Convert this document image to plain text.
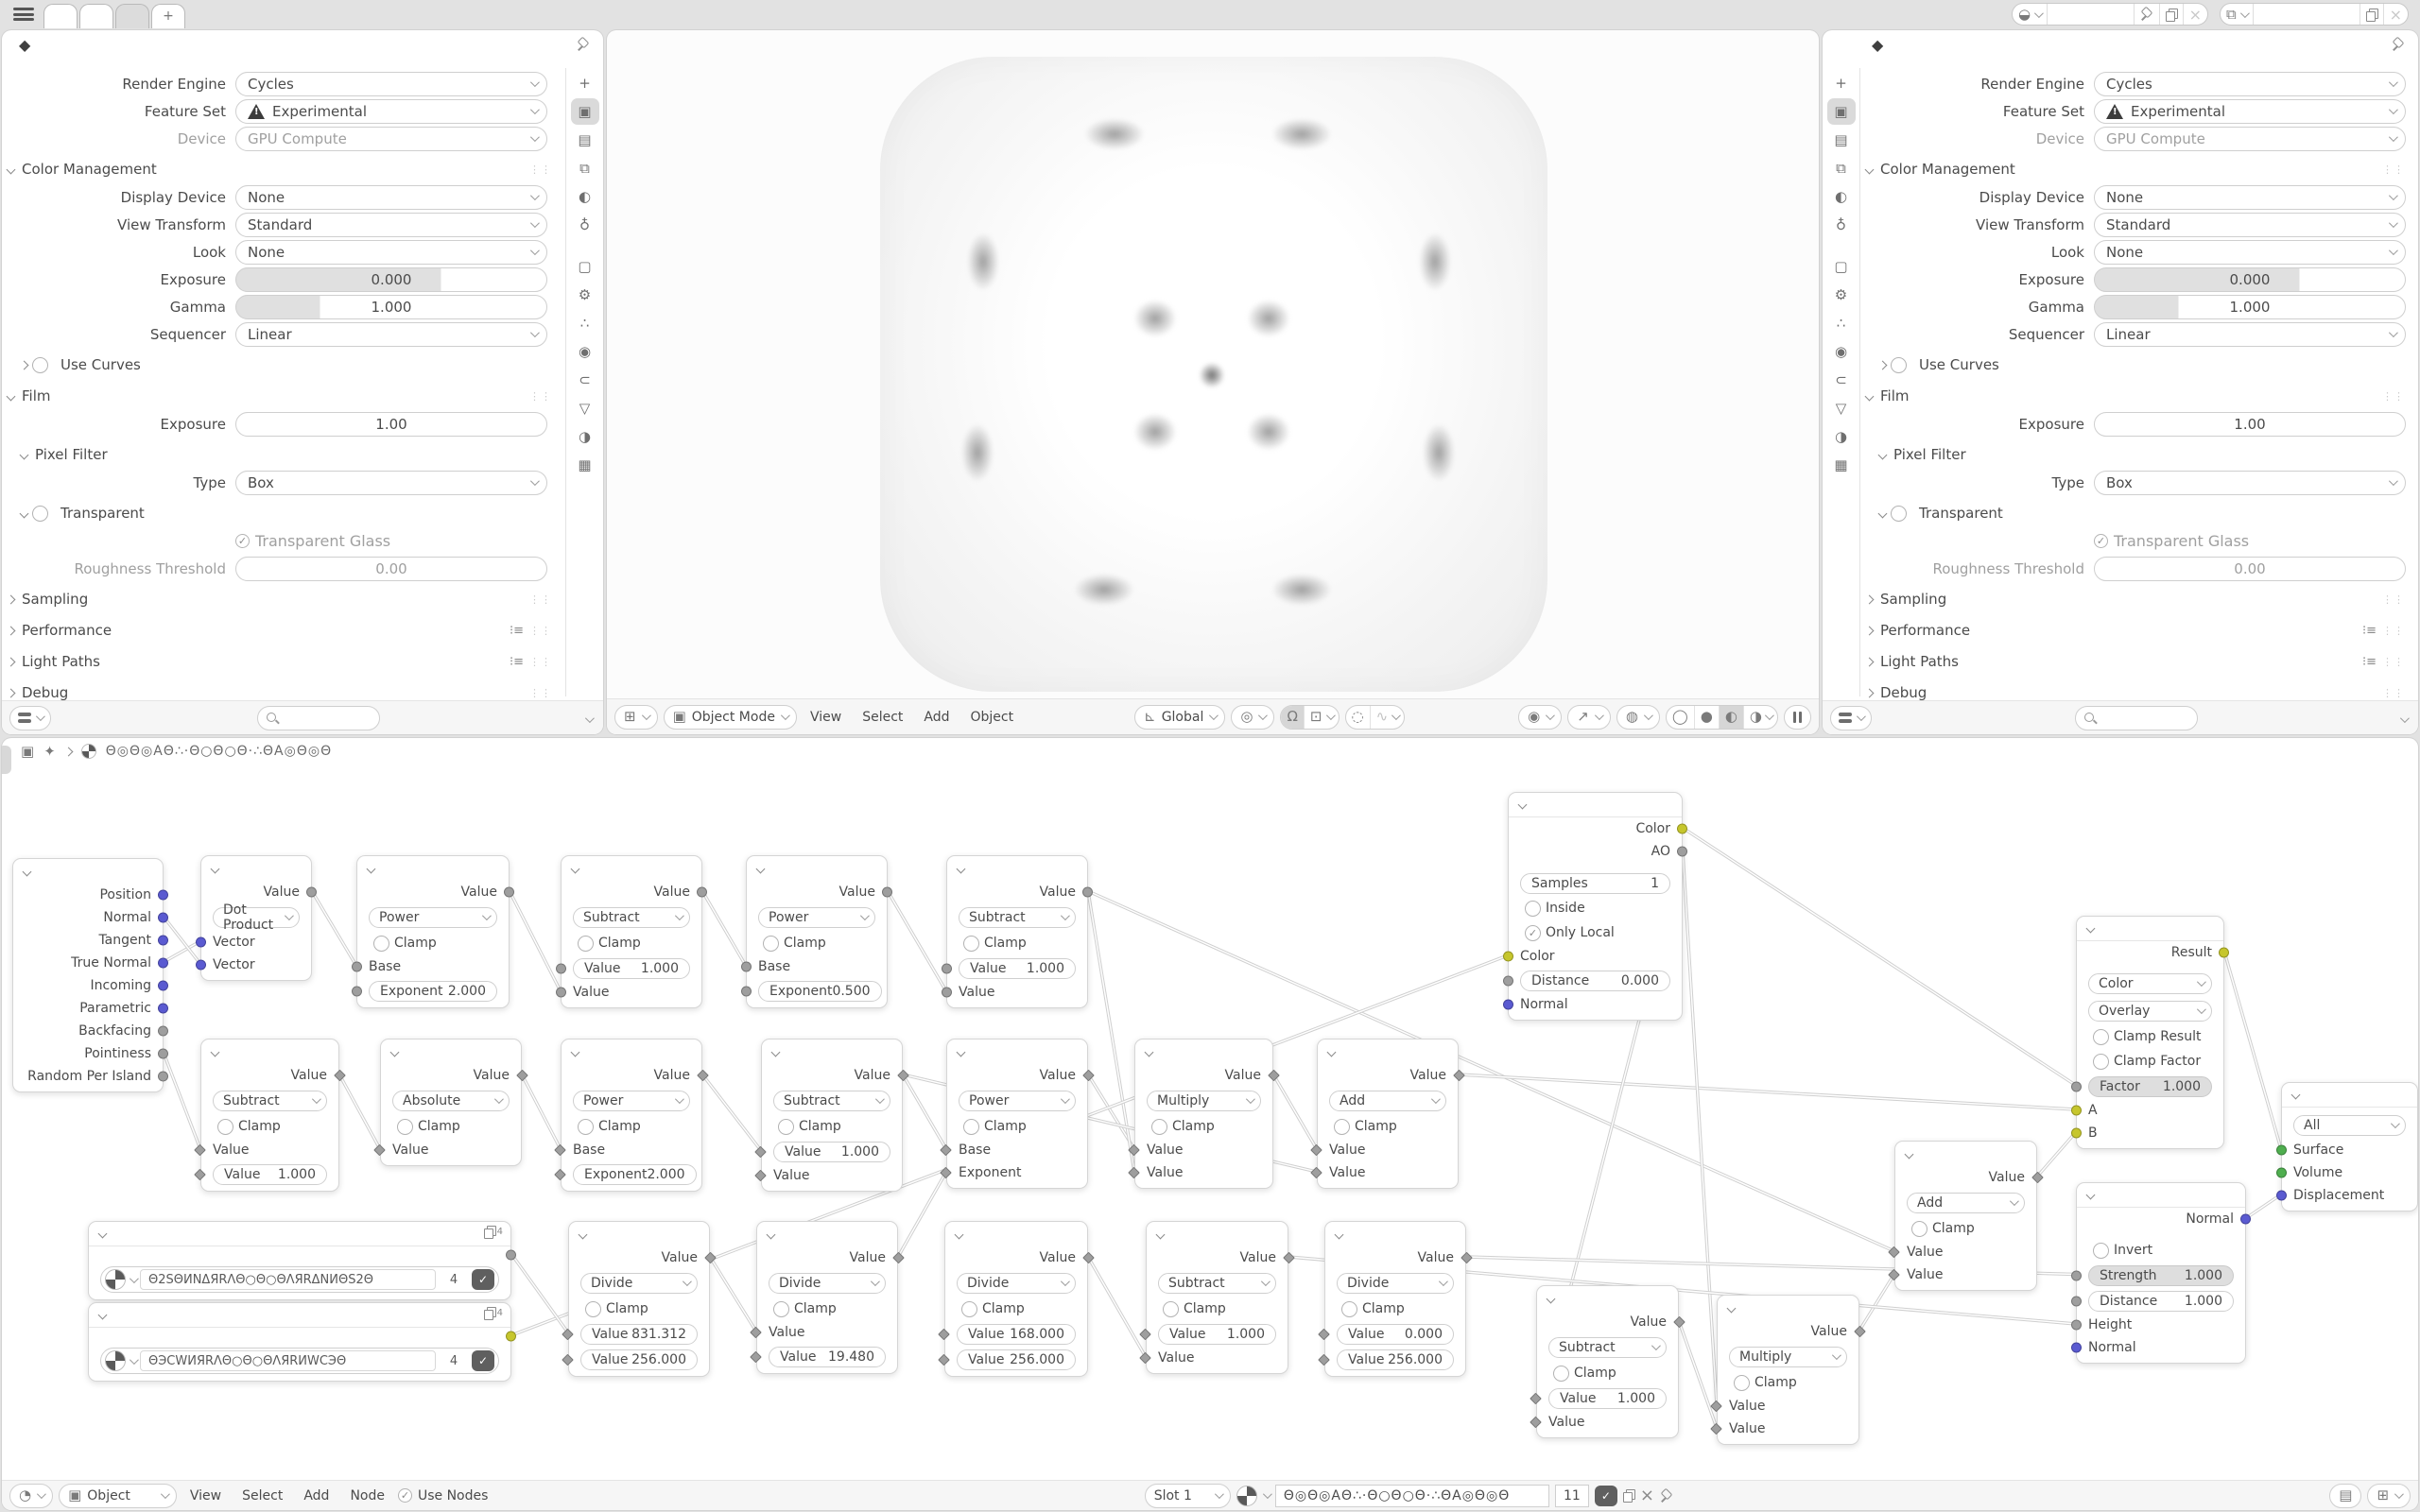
+	◒	×	⧉	×
◆
Render Engine	Cycles
Feature Set !	Experimental
Device	GPU Compute
Color Management	⋮⋮
Display Device	None
View Transform	Standard
Look	None
Exposure	0.000
Gamma	1.000
Sequencer	Linear
Use Curves
Film	⋮⋮
Exposure	1.00
Pixel Filter
Type	Box
Transparent
✓ Transparent Glass
Roughness Threshold	0.00
Sampling	⋮⋮
Performance	⁝≡ ⋮⋮
Light Paths	⁝≡ ⋮⋮
Debug	⋮⋮
+
▣
▤
⧉
◐
♁
▢
⚙
∴
◉
⊂
▽
◑
▦
⊞	▣ Object Mode	View	Select	Add	Object	⊾ Global	◎ Ω ⊡ ◌ ∿	◉	↗	◍ ◯ ● ◐ ◑
◆
Render Engine	Cycles
Feature Set !	Experimental
Device	GPU Compute
Color Management	⋮⋮
Display Device	None
View Transform	Standard
Look	None
Exposure	0.000
Gamma	1.000
Sequencer	Linear
Use Curves
Film	⋮⋮
Exposure	1.00
Pixel Filter
Type	Box
Transparent
✓ Transparent Glass
Roughness Threshold	0.00
Sampling	⋮⋮
Performance	⁝≡ ⋮⋮
Light Paths	⁝≡ ⋮⋮
Debug	⋮⋮
+
▣
▤
⧉
◐
♁
▢
⚙
∴
◉
⊂
▽
◑
▦
▣ ✦	Θ◎Θ◎АΘ∴·Θ○Θ○Θ·∴ΘА◎Θ◎Θ
Position
Normal
Tangent
True Normal
Incoming
Parametric
Backfacing
Pointiness
Random Per Island
Value
Dot Product
Vector
Vector
Value
Power
Clamp
Base
Exponent 2.000
Value
Subtract
Clamp
Value 1.000
Value
Value
Power
Clamp
Base
Exponent 0.500
Value
Subtract
Clamp
Value 1.000
Value
Value
Subtract
Clamp
Value
Value 1.000
Value
Absolute
Clamp
Value
Value
Power
Clamp
Base
Exponent 2.000
Value
Subtract
Clamp
Value 1.000
Value
Value
Power
Clamp
Base
Exponent
Value
Multiply
Clamp
Value
Value
Value
Add
Clamp
Value
Value
Color
AO
Samples	1
Inside
✓ Only Local
Color
Distance 0.000
Normal
Value
Add
Clamp
Value
Value
Result
Color
Overlay
Clamp Result
Clamp Factor
Factor 1.000
A
B
Normal
Invert
Strength 1.000
Distance 1.000
Height
Normal
All
Surface
Volume
Displacement
4
Θ2SΘИNΔЯRΛΘ○Θ○ΘΛЯRΔNИΘS2Θ	4	✓
4
ΘЭСWИЯRΛΘ○Θ○ΘΛЯRИWСЭΘ	4	✓
Value
Divide
Clamp
Value 831.312
Value 256.000
Value
Divide
Clamp
Value
Value 19.480
Value
Divide
Clamp
Value 168.000
Value 256.000
Value
Subtract
Clamp
Value 1.000
Value
Value
Divide
Clamp
Value 0.000
Value 256.000
Value
Subtract
Clamp
Value 1.000
Value
Value
Multiply
Clamp
Value
Value
◔	▣ Object	View	Select	Add	Node	✓ Use Nodes	Slot 1	Θ◎Θ◎АΘ∴·Θ○Θ○Θ·∴ΘА◎Θ◎Θ	11	✓	×	▤ ⊞
